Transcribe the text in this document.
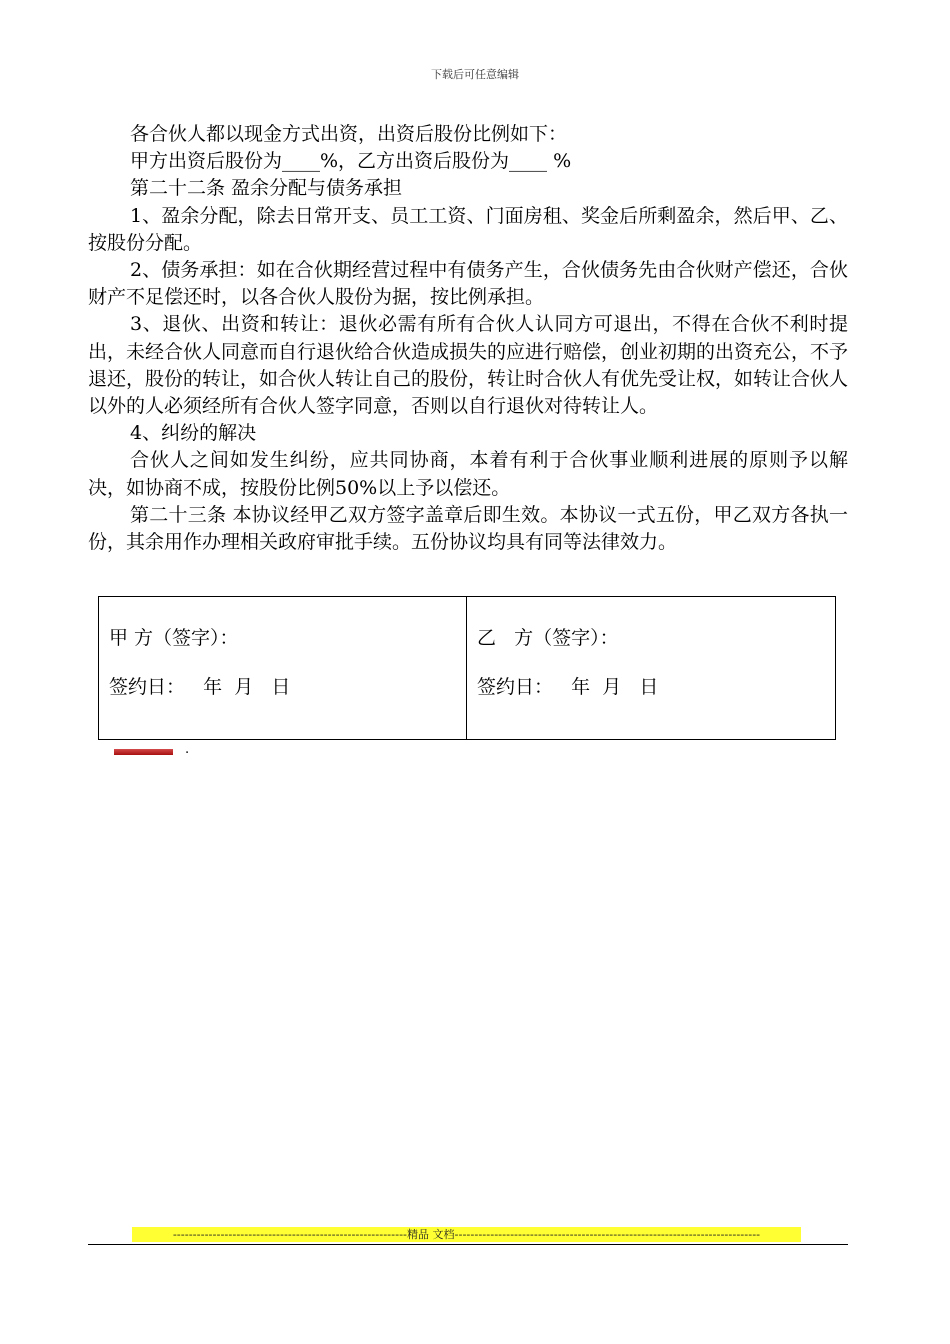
下载后可任意编辑

各合伙人都以现金方式出资，出资后股份比例如下：

甲方出资后股份为____%，乙方出资后股份为____ %

第二十二条 盈余分配与债务承担

1、盈余分配，除去日常开支、员工工资、门面房租、奖金后所剩盈余，然后甲、乙、按股份分配。

2、债务承担：如在合伙期经营过程中有债务产生，合伙债务先由合伙财产偿还，合伙财产不足偿还时，以各合伙人股份为据，按比例承担。

3、退伙、出资和转让：退伙必需有所有合伙人认同方可退出，不得在合伙不利时提出，未经合伙人同意而自行退伙给合伙造成损失的应进行赔偿，创业初期的出资充公，不予退还，股份的转让，如合伙人转让自己的股份，转让时合伙人有优先受让权，如转让合伙人以外的人必须经所有合伙人签字同意，否则以自行退伙对待转让人。

4、纠纷的解决

合伙人之间如发生纠纷，应共同协商，本着有利于合伙事业顺利进展的原则予以解决，如协商不成，按股份比例50%以上予以偿还。

第二十三条 本协议经甲乙双方签字盖章后即生效。本协议一式五份，甲乙双方各执一份，其余用作办理相关政府审批手续。五份协议均具有同等法律效力。

甲 方（签字）：
签约日：   年  月   日
乙   方（签字）：
签约日：   年  月   日
.
-----------------------------------------------------------精品 文档-----------------------------------------------------------------------------
